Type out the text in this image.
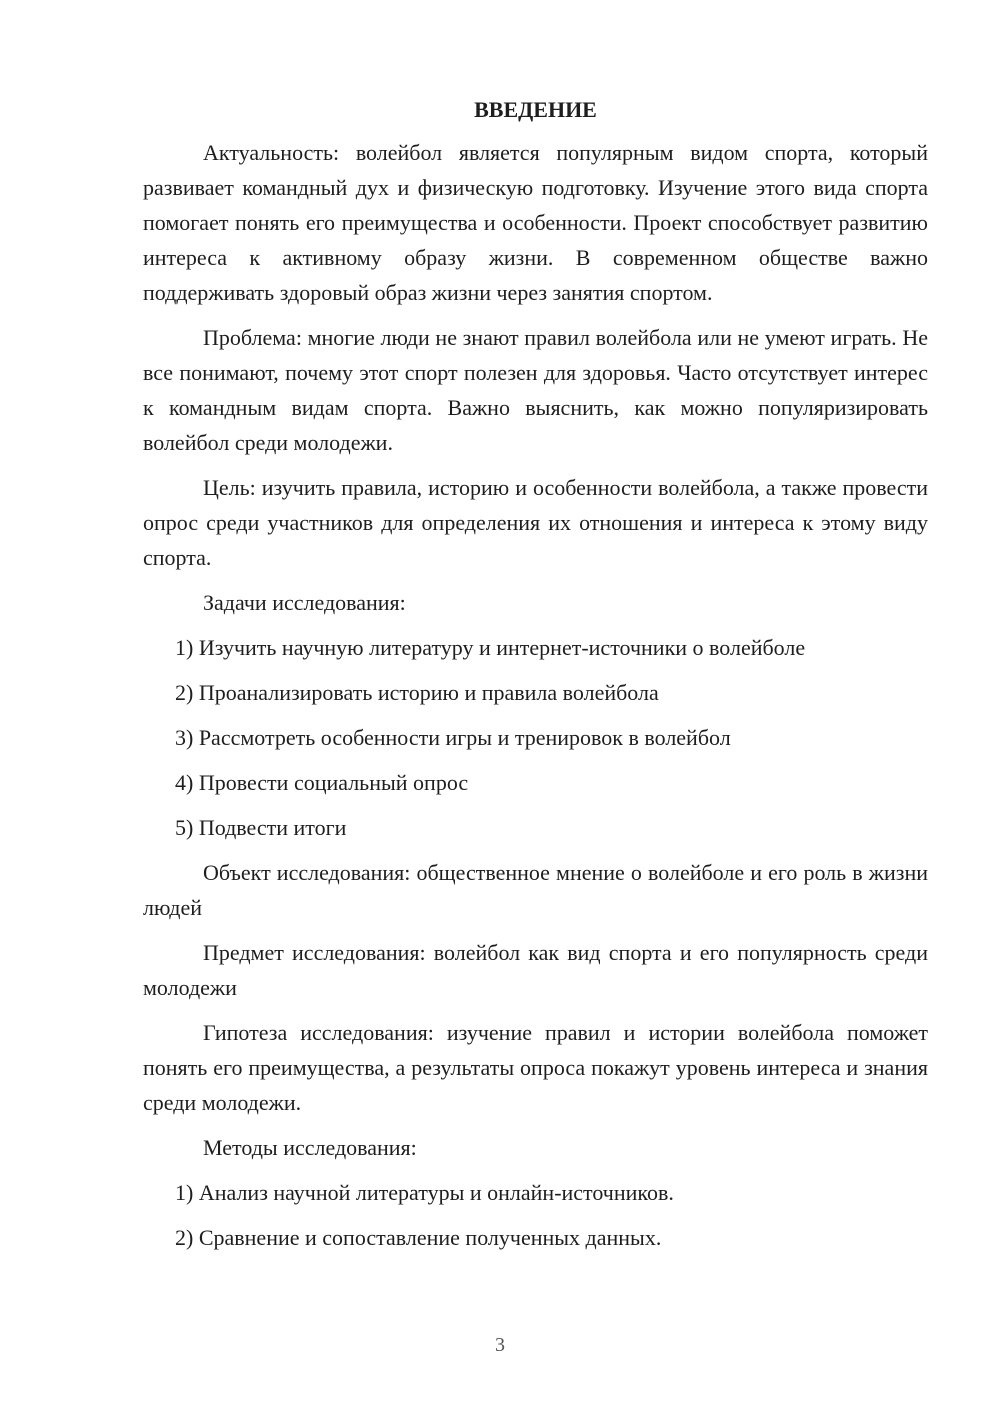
ВВЕДЕНИЕ

Актуальность: волейбол является популярным видом спорта, который развивает командный дух и физическую подготовку. Изучение этого вида спорта помогает понять его преимущества и особенности. Проект способствует развитию интереса к активному образу жизни. В современном обществе важно поддерживать здоровый образ жизни через занятия спортом.

Проблема: многие люди не знают правил волейбола или не умеют играть. Не все понимают, почему этот спорт полезен для здоровья. Часто отсутствует интерес к командным видам спорта. Важно выяснить, как можно популяризировать волейбол среди молодежи.

Цель: изучить правила, историю и особенности волейбола, а также провести опрос среди участников для определения их отношения и интереса к этому виду спорта.

Задачи исследования:

1) Изучить научную литературу и интернет-источники о волейболе
2) Проанализировать историю и правила волейбола
3) Рассмотреть особенности игры и тренировок в волейбол
4) Провести социальный опрос
5) Подвести итоги

Объект исследования: общественное мнение о волейболе и его роль в жизни людей

Предмет исследования: волейбол как вид спорта и его популярность среди молодежи

Гипотеза исследования: изучение правил и истории волейбола поможет понять его преимущества, а результаты опроса покажут уровень интереса и знания среди молодежи.

Методы исследования:

1) Анализ научной литературы и онлайн-источников.
2) Сравнение и сопоставление полученных данных.
3
